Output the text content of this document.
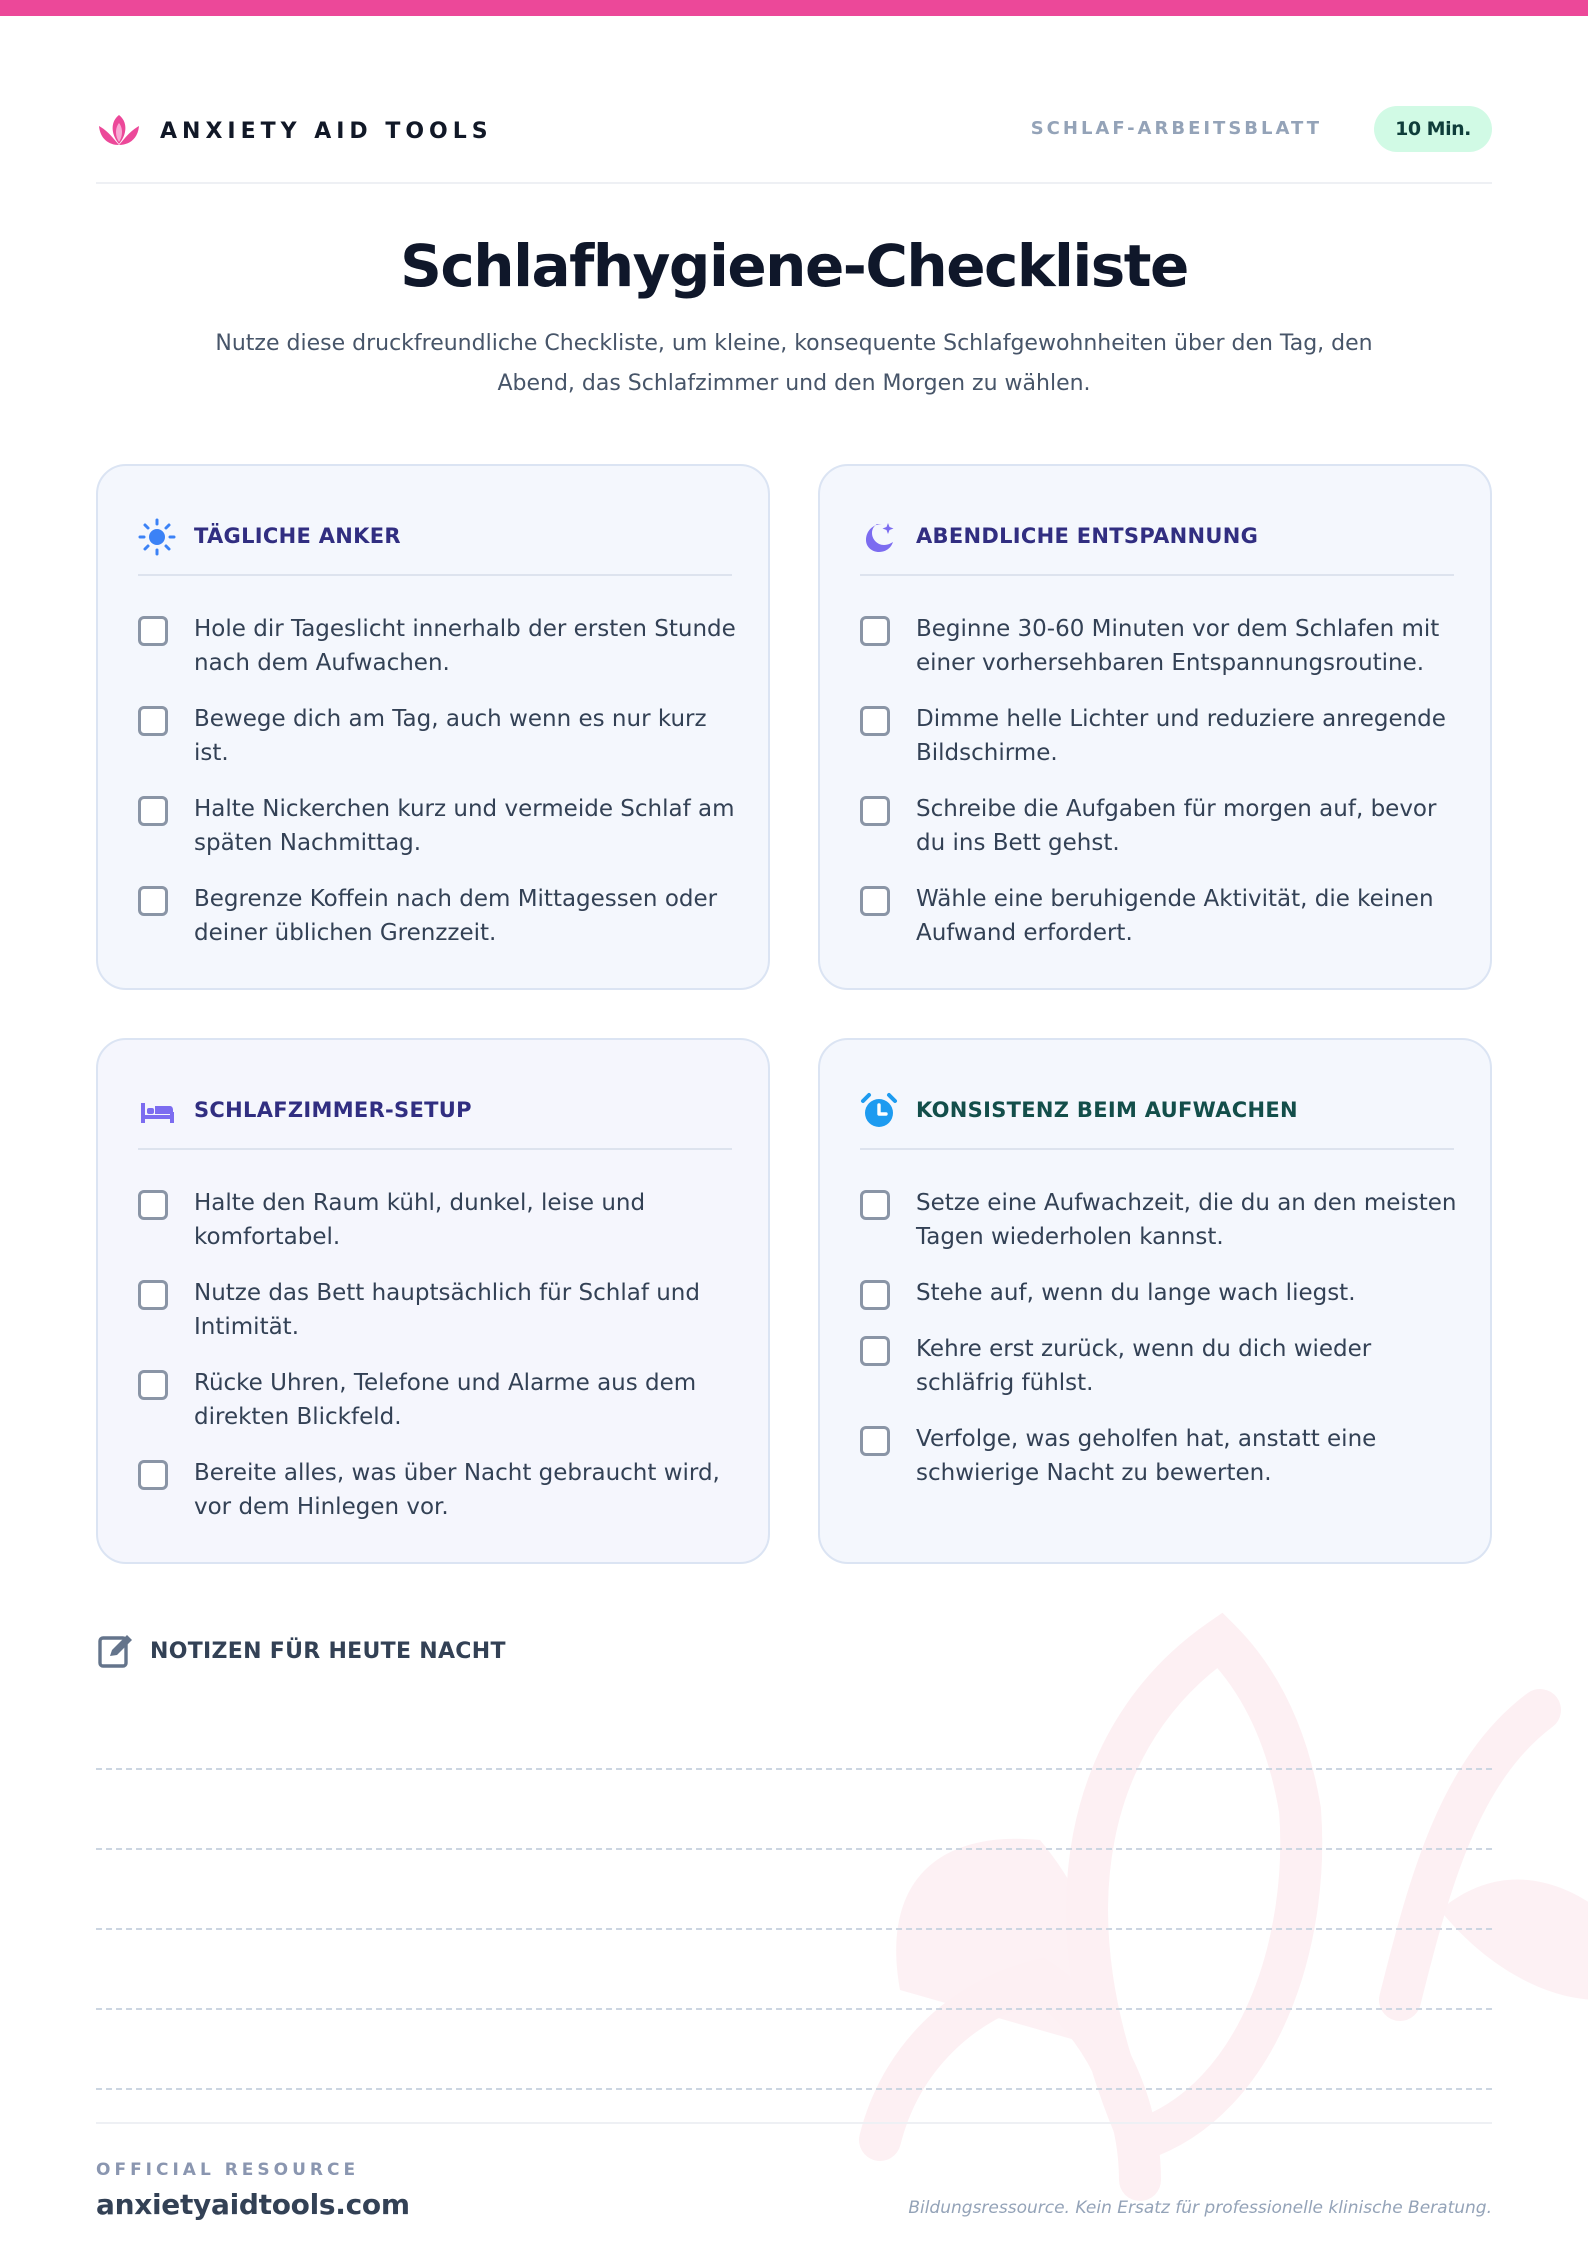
ANXIETY AID TOOLS	SCHLAF-ARBEITSBLATT	10 Min.
Schlafhygiene-Checkliste

Nutze diese druckfreundliche Checkliste, um kleine, konsequente Schlafgewohnheiten über den Tag, den Abend, das Schlafzimmer und den Morgen zu wählen.

TÄGLICHE ANKER
Hole dir Tageslicht innerhalb der ersten Stunde nach dem Aufwachen.
Bewege dich am Tag, auch wenn es nur kurz ist.
Halte Nickerchen kurz und vermeide Schlaf am späten Nachmittag.
Begrenze Koffein nach dem Mittagessen oder deiner üblichen Grenzzeit.
ABENDLICHE ENTSPANNUNG
Beginne 30-60 Minuten vor dem Schlafen mit einer vorhersehbaren Entspannungsroutine.
Dimme helle Lichter und reduziere anregende Bildschirme.
Schreibe die Aufgaben für morgen auf, bevor du ins Bett gehst.
Wähle eine beruhigende Aktivität, die keinen Aufwand erfordert.
SCHLAFZIMMER-SETUP
Halte den Raum kühl, dunkel, leise und komfortabel.
Nutze das Bett hauptsächlich für Schlaf und Intimität.
Rücke Uhren, Telefone und Alarme aus dem direkten Blickfeld.
Bereite alles, was über Nacht gebraucht wird, vor dem Hinlegen vor.
KONSISTENZ BEIM AUFWACHEN
Setze eine Aufwachzeit, die du an den meisten Tagen wiederholen kannst.
Stehe auf, wenn du lange wach liegst.
Kehre erst zurück, wenn du dich wieder schläfrig fühlst.
Verfolge, was geholfen hat, anstatt eine schwierige Nacht zu bewerten.
NOTIZEN FÜR HEUTE NACHT
OFFICIAL RESOURCE
anxietyaidtools.com	Bildungsressource. Kein Ersatz für professionelle klinische Beratung.
